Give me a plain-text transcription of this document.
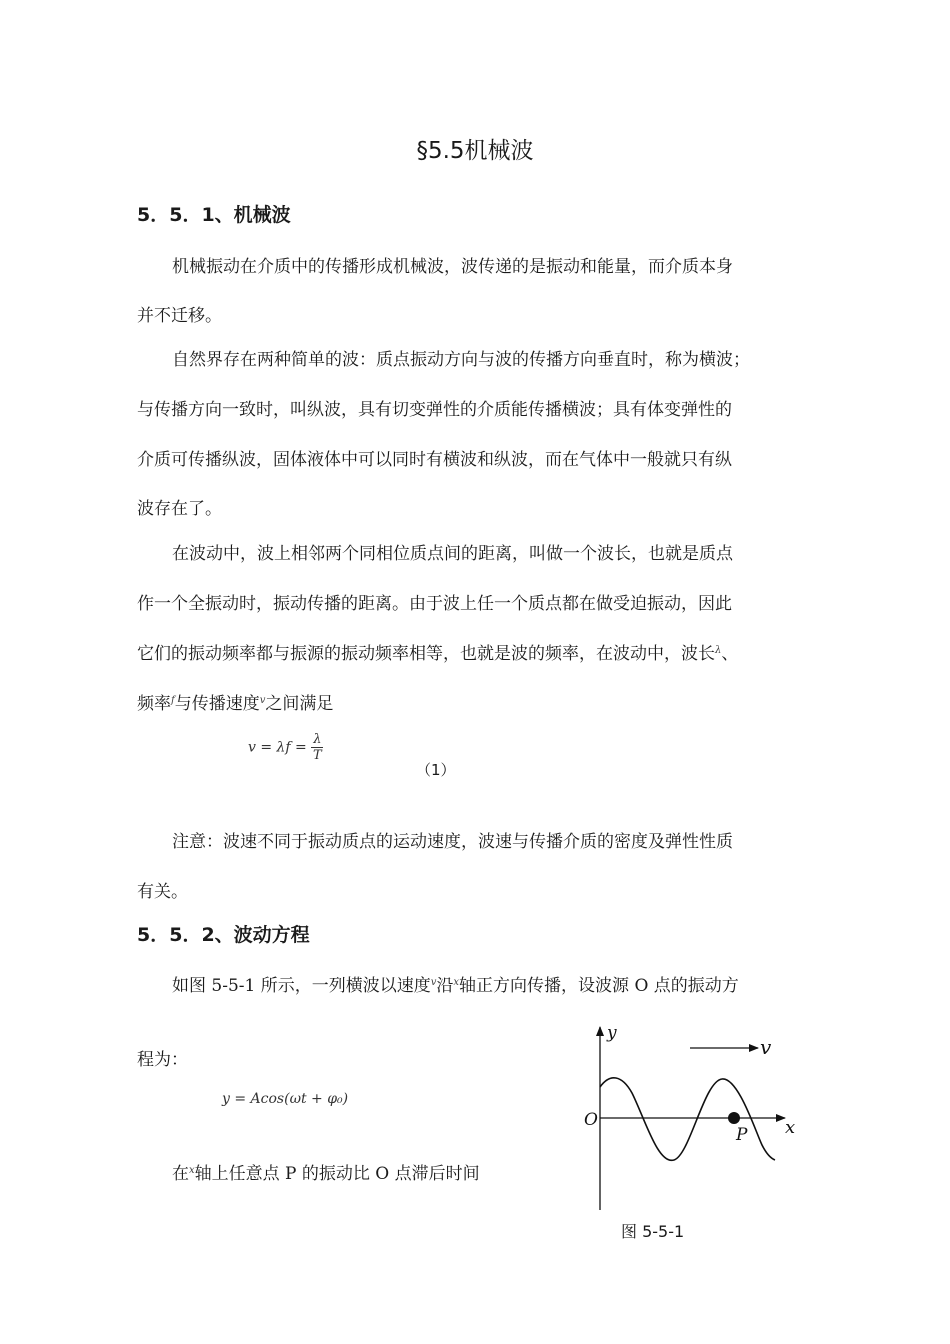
§5.5机械波
5．5．1、机械波
机械振动在介质中的传播形成机械波，波传递的是振动和能量，而介质本身
并不迁移。
自然界存在两种简单的波：质点振动方向与波的传播方向垂直时，称为横波；
与传播方向一致时，叫纵波，具有切变弹性的介质能传播横波；具有体变弹性的
介质可传播纵波，固体液体中可以同时有横波和纵波，而在气体中一般就只有纵
波存在了。
在波动中，波上相邻两个同相位质点间的距离，叫做一个波长，也就是质点
作一个全振动时，振动传播的距离。由于波上任一个质点都在做受迫振动，因此
它们的振动频率都与振源的振动频率相等，也就是波的频率，在波动中，波长$^\lambda$、
频率$^f$与传播速度$^v$之间满足
$v = \lambda f = \frac{\lambda}{T}$
（1）
注意：波速不同于振动质点的运动速度，波速与传播介质的密度及弹性性质
有关。
5．5．2、波动方程
如图 5-5-1 所示，一列横波以速度$^v$沿$^x$轴正方向传播，设波源 O 点的振动方
程为：
y = Acos(ωt + φ₀)
在$^x$轴上任意点 P 的振动比 O 点滞后时间
y
O
P x
v
图 5-5-1
